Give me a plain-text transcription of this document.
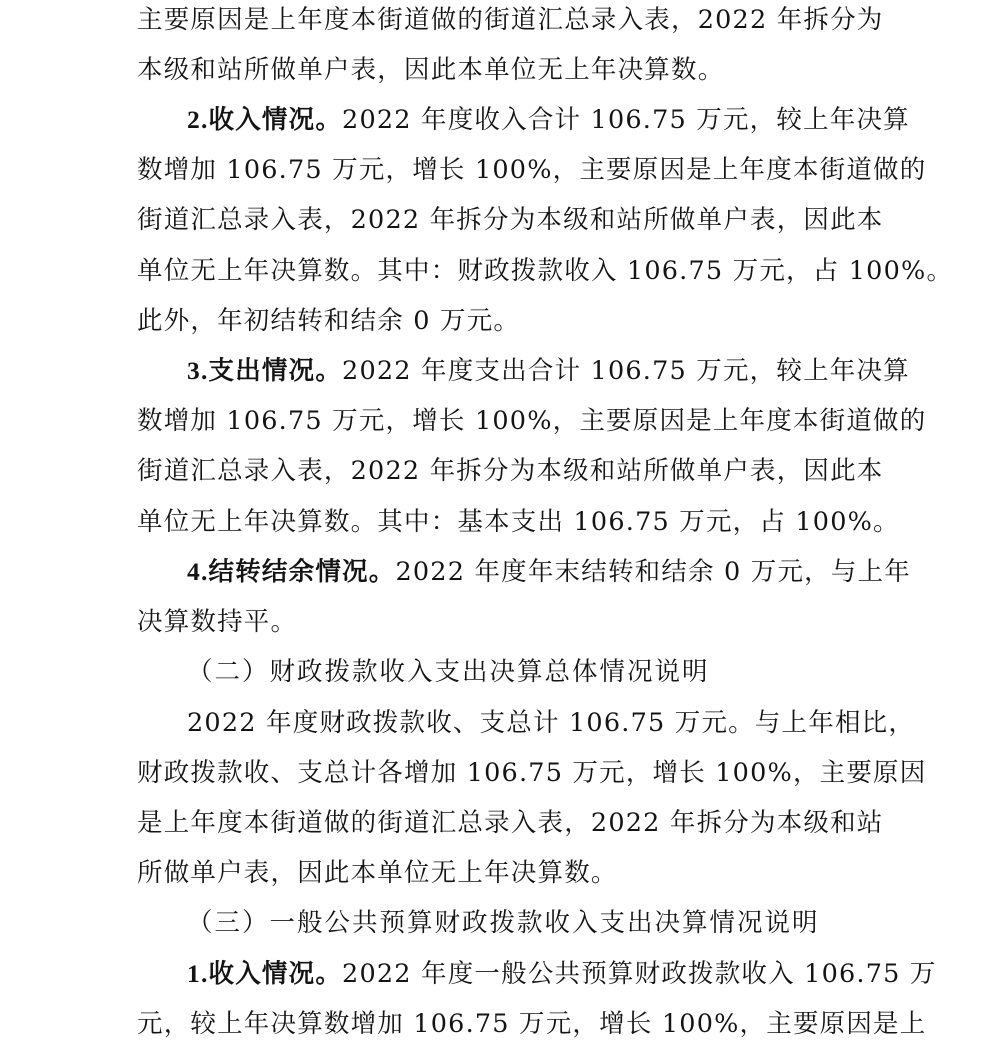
主要原因是上年度本街道做的街道汇总录入表，2022 年拆分为
本级和站所做单户表，因此本单位无上年决算数。
2.收入情况。2022 年度收入合计 106.75 万元，较上年决算
数增加 106.75 万元，增长 100%，主要原因是上年度本街道做的
街道汇总录入表，2022 年拆分为本级和站所做单户表，因此本
单位无上年决算数。其中：财政拨款收入 106.75 万元，占 100%。
此外，年初结转和结余 0 万元。
3.支出情况。2022 年度支出合计 106.75 万元，较上年决算
数增加 106.75 万元，增长 100%，主要原因是上年度本街道做的
街道汇总录入表，2022 年拆分为本级和站所做单户表，因此本
单位无上年决算数。其中：基本支出 106.75 万元，占 100%。
4.结转结余情况。2022 年度年末结转和结余 0 万元，与上年
决算数持平。
（二）财政拨款收入支出决算总体情况说明
2022 年度财政拨款收、支总计 106.75 万元。与上年相比，
财政拨款收、支总计各增加 106.75 万元，增长 100%，主要原因
是上年度本街道做的街道汇总录入表，2022 年拆分为本级和站
所做单户表，因此本单位无上年决算数。
（三）一般公共预算财政拨款收入支出决算情况说明
1.收入情况。2022 年度一般公共预算财政拨款收入 106.75 万
元，较上年决算数增加 106.75 万元，增长 100%，主要原因是上
